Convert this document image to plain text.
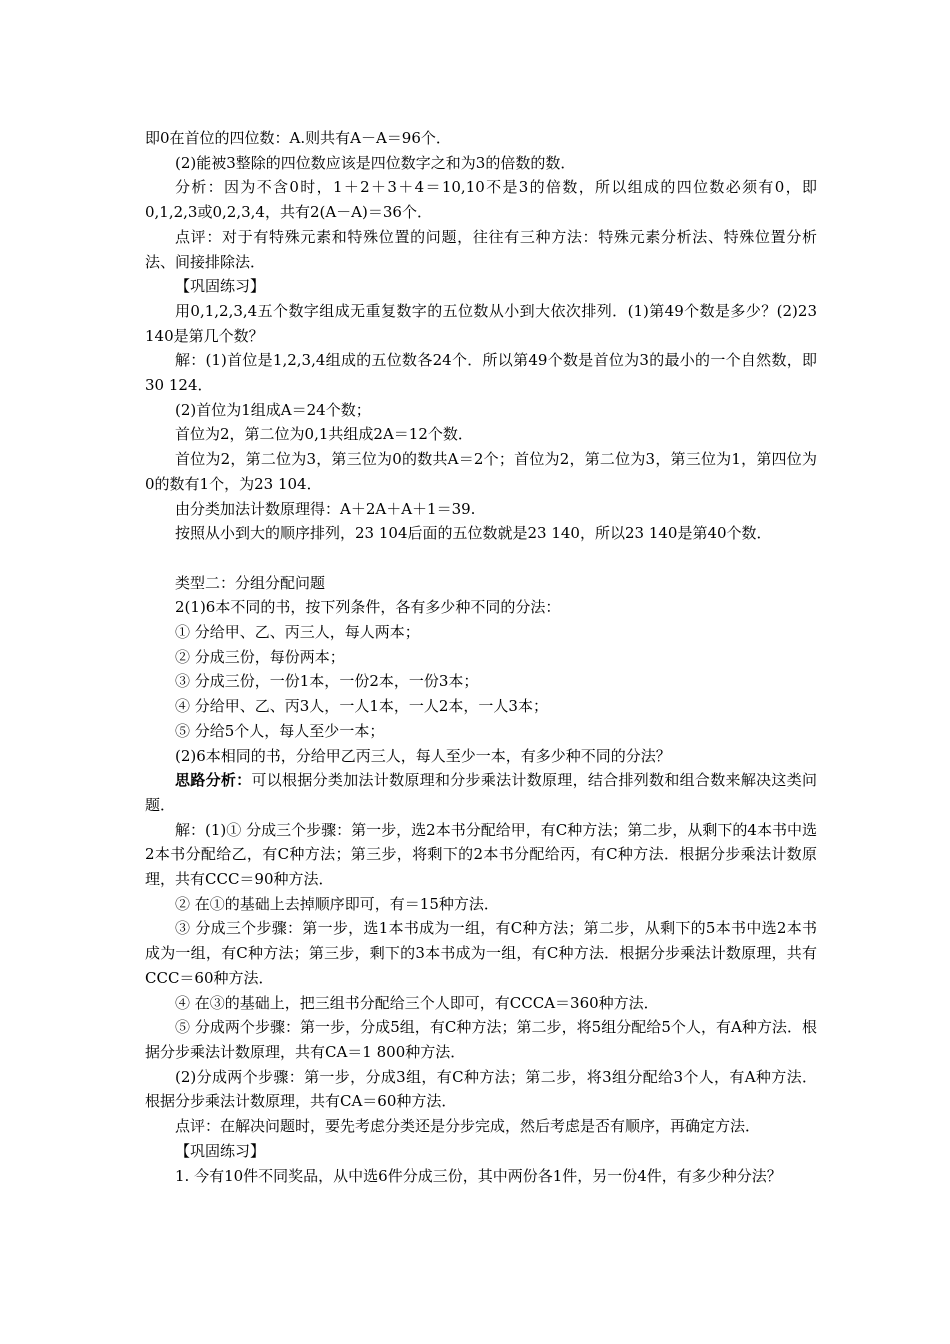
即0在首位的四位数：A.则共有A－A＝96个．

(2)能被3整除的四位数应该是四位数字之和为3的倍数的数．

分析：因为不含0时，1＋2＋3＋4＝10,10不是3的倍数，所以组成的四位数必须有0，即0,1,2,3或0,2,3,4，共有2(A－A)＝36个．

点评：对于有特殊元素和特殊位置的问题，往往有三种方法：特殊元素分析法、特殊位置分析法、间接排除法．

【巩固练习】

用0,1,2,3,4五个数字组成无重复数字的五位数从小到大依次排列．(1)第49个数是多少？(2)23 140是第几个数？

解：(1)首位是1,2,3,4组成的五位数各24个．所以第49个数是首位为3的最小的一个自然数，即30 124．

(2)首位为1组成A＝24个数；

首位为2，第二位为0,1共组成2A＝12个数．

首位为2，第二位为3，第三位为0的数共A＝2个；首位为2，第二位为3，第三位为1，第四位为0的数有1个，为23 104．

由分类加法计数原理得：A＋2A＋A＋1＝39.

按照从小到大的顺序排列，23 104后面的五位数就是23 140，所以23 140是第40个数．

类型二：分组分配问题

2(1)6本不同的书，按下列条件，各有多少种不同的分法：

① 分给甲、乙、丙三人，每人两本；

② 分成三份，每份两本；

③ 分成三份，一份1本，一份2本，一份3本；

④ 分给甲、乙、丙3人，一人1本，一人2本，一人3本；

⑤ 分给5个人，每人至少一本；

(2)6本相同的书，分给甲乙丙三人，每人至少一本，有多少种不同的分法？

思路分析：可以根据分类加法计数原理和分步乘法计数原理，结合排列数和组合数来解决这类问题．

解：(1)① 分成三个步骤：第一步，选2本书分配给甲，有C种方法；第二步，从剩下的4本书中选2本书分配给乙，有C种方法；第三步，将剩下的2本书分配给丙，有C种方法．根据分步乘法计数原理，共有CCC＝90种方法．

② 在①的基础上去掉顺序即可，有＝15种方法．

③ 分成三个步骤：第一步，选1本书成为一组，有C种方法；第二步，从剩下的5本书中选2本书成为一组，有C种方法；第三步，剩下的3本书成为一组，有C种方法．根据分步乘法计数原理，共有CCC＝60种方法．

④ 在③的基础上，把三组书分配给三个人即可，有CCCA＝360种方法．

⑤ 分成两个步骤：第一步，分成5组，有C种方法；第二步，将5组分配给5个人，有A种方法．根据分步乘法计数原理，共有CA＝1 800种方法．

(2)分成两个步骤：第一步，分成3组，有C种方法；第二步，将3组分配给3个人，有A种方法．根据分步乘法计数原理，共有CA＝60种方法．

点评：在解决问题时，要先考虑分类还是分步完成，然后考虑是否有顺序，再确定方法．

【巩固练习】

1. 今有10件不同奖品，从中选6件分成三份，其中两份各1件，另一份4件，有多少种分法？
